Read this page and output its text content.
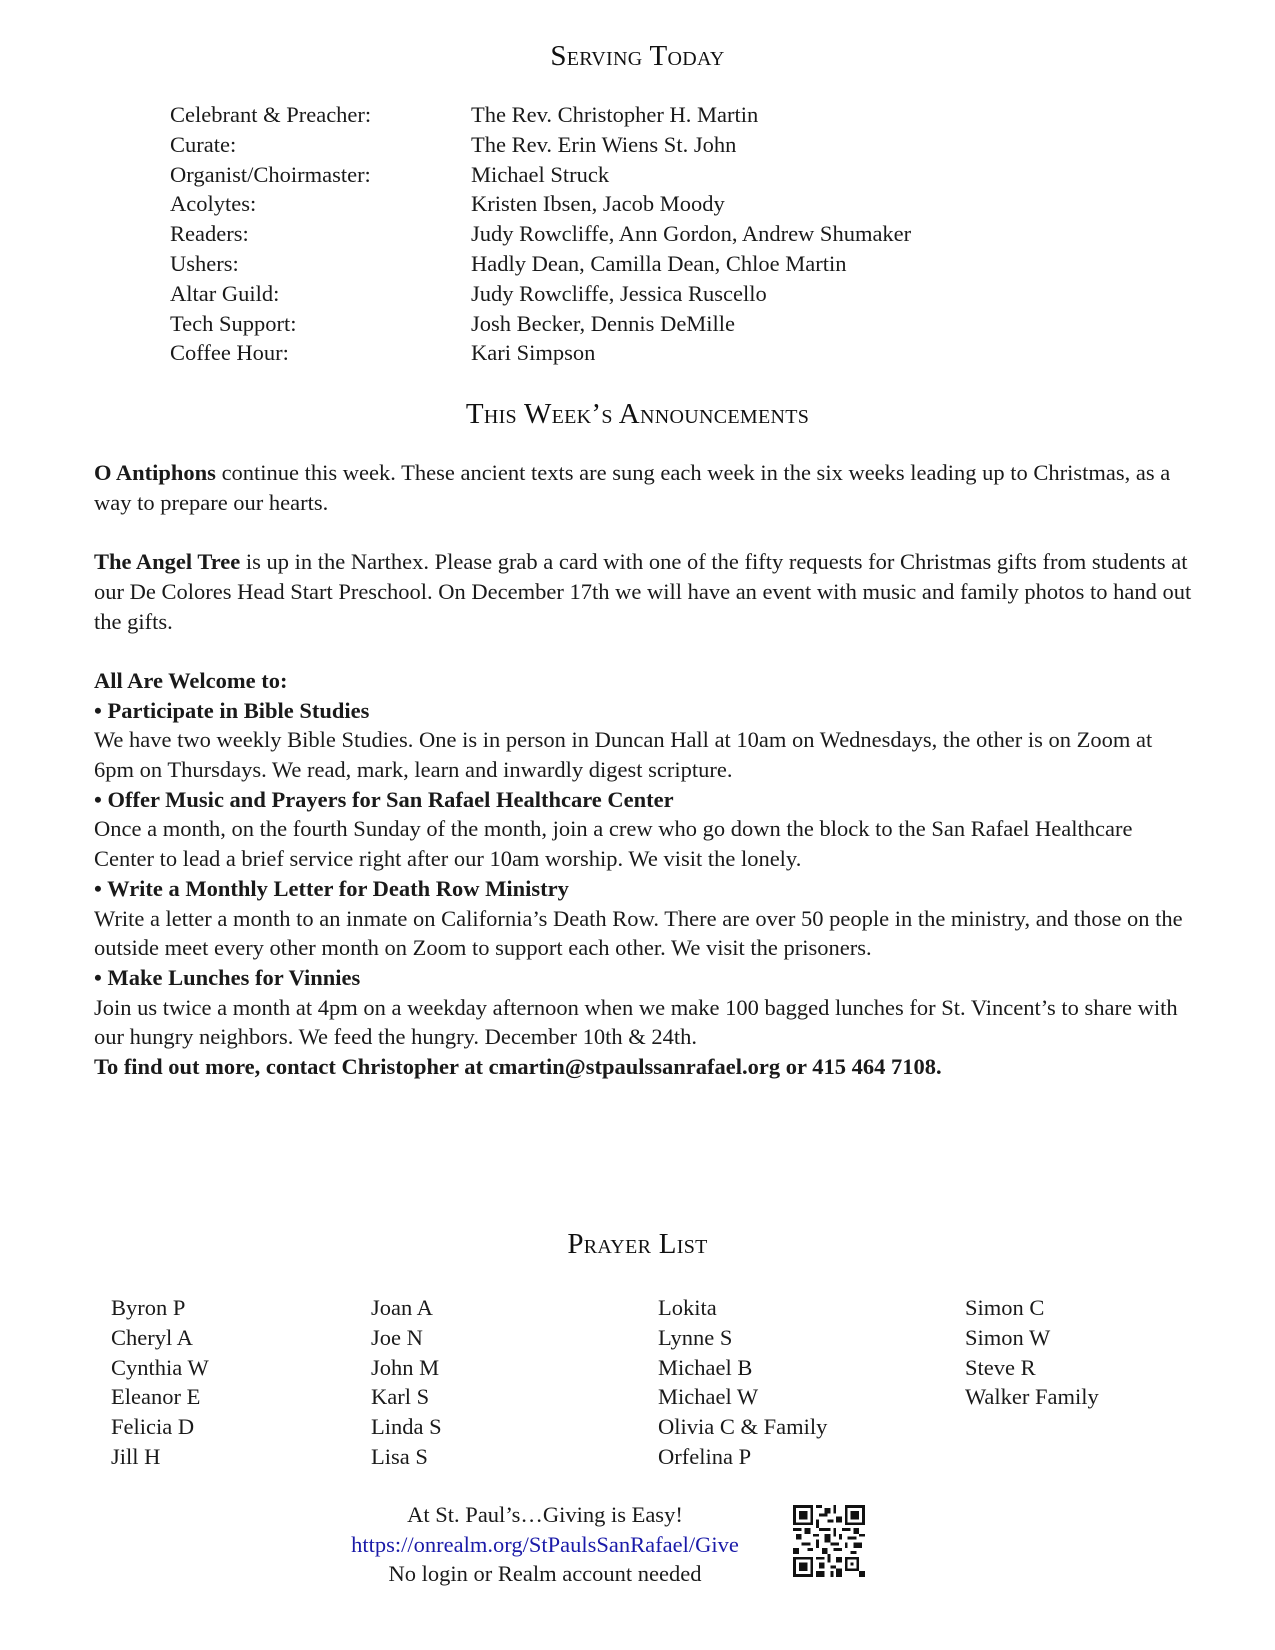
Serving Today
Celebrant & Preacher:	The Rev. Christopher H. Martin
Curate:	The Rev. Erin Wiens St. John
Organist/Choirmaster:	Michael Struck
Acolytes:	Kristen Ibsen, Jacob Moody
Readers:	Judy Rowcliffe, Ann Gordon, Andrew Shumaker
Ushers:	Hadly Dean, Camilla Dean, Chloe Martin
Altar Guild:	Judy Rowcliffe, Jessica Ruscello
Tech Support:	Josh Becker, Dennis DeMille
Coffee Hour:	Kari Simpson
This Week’s Announcements

O Antiphons continue this week. These ancient texts are sung each week in the six weeks leading up to Christmas, as a way to prepare our hearts.

The Angel Tree is up in the Narthex. Please grab a card with one of the fifty requests for Christmas gifts from students at our De Colores Head Start Preschool. On December 17th we will have an event with music and family photos to hand out the gifts.

All Are Welcome to:

• Participate in Bible Studies

We have two weekly Bible Studies. One is in person in Duncan Hall at 10am on Wednesdays, the other is on Zoom at 6pm on Thursdays. We read, mark, learn and inwardly digest scripture.

• Offer Music and Prayers for San Rafael Healthcare Center

Once a month, on the fourth Sunday of the month, join a crew who go down the block to the San Rafael Healthcare Center to lead a brief service right after our 10am worship. We visit the lonely.

• Write a Monthly Letter for Death Row Ministry

Write a letter a month to an inmate on California’s Death Row. There are over 50 people in the ministry, and those on the outside meet every other month on Zoom to support each other. We visit the prisoners.

• Make Lunches for Vinnies

Join us twice a month at 4pm on a weekday afternoon when we make 100 bagged lunches for St. Vincent’s to share with our hungry neighbors. We feed the hungry. December 10th & 24th.

To find out more, contact Christopher at cmartin@stpaulssanrafael.org or 415 464 7108.

Prayer List
Byron P
Cheryl A
Cynthia W
Eleanor E
Felicia D
Jill H
Joan A
Joe N
John M
Karl S
Linda S
Lisa S
Lokita
Lynne S
Michael B
Michael W
Olivia C & Family
Orfelina P
Simon C
Simon W
Steve R
Walker Family
At St. Paul’s…Giving is Easy!
https://onrealm.org/StPaulsSanRafael/Give
No login or Realm account needed
